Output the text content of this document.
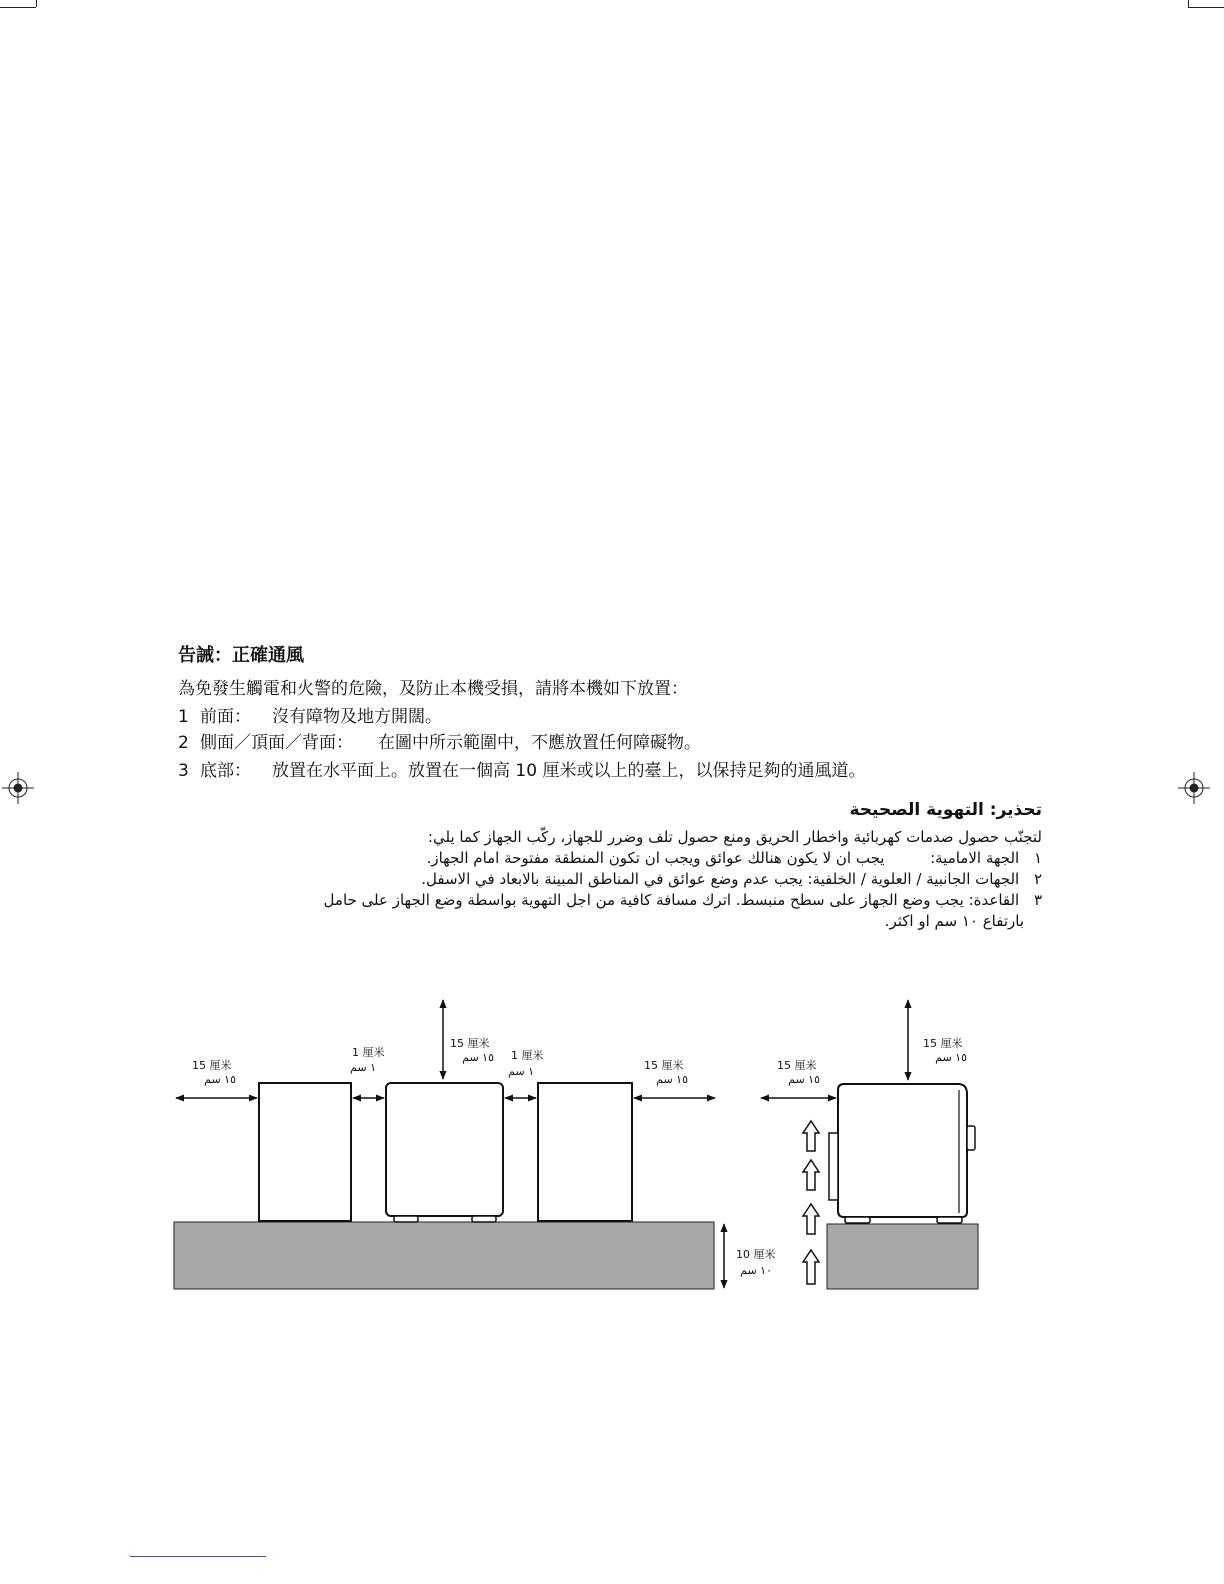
告誡：正確通風
為免發生觸電和火警的危險，及防止本機受損，請將本機如下放置：
1 前面： 沒有障物及地方開闊。
2 側面／頂面／背面： 在圖中所示範圍中，不應放置任何障礙物。
3 底部： 放置在水平面上。放置在一個高 10 厘米或以上的臺上，以保持足夠的通風道。
تحذير: التهوية الصحيحة
لتجنّب حصول صدمات كهربائية واخطار الحريق ومنع حصول تلف وضرر للجهاز، ركّب الجهاز كما يلي:
١ الجهة الامامية: يجب ان لا يكون هنالك عوائق ويجب ان تكون المنطقة مفتوحة امام الجهاز.
٢ الجهات الجانبية / العلوية / الخلفية: يجب عدم وضع عوائق في المناطق المبينة بالابعاد في الاسفل.
٣ القاعدة: يجب وضع الجهاز على سطح منبسط. اترك مسافة كافية من اجل التهوية بواسطة وضع الجهاز على حامل
بارتفاع ١٠ سم او اكثر.
15 厘米
١٥ سم
1 厘米
١ سم
15 厘米
١٥ سم 1 厘米
١ سم	15 厘米
١٥ سم
10 厘米
١٠ سم
15 厘米
١٥ سم
15 厘米
١٥ سم
